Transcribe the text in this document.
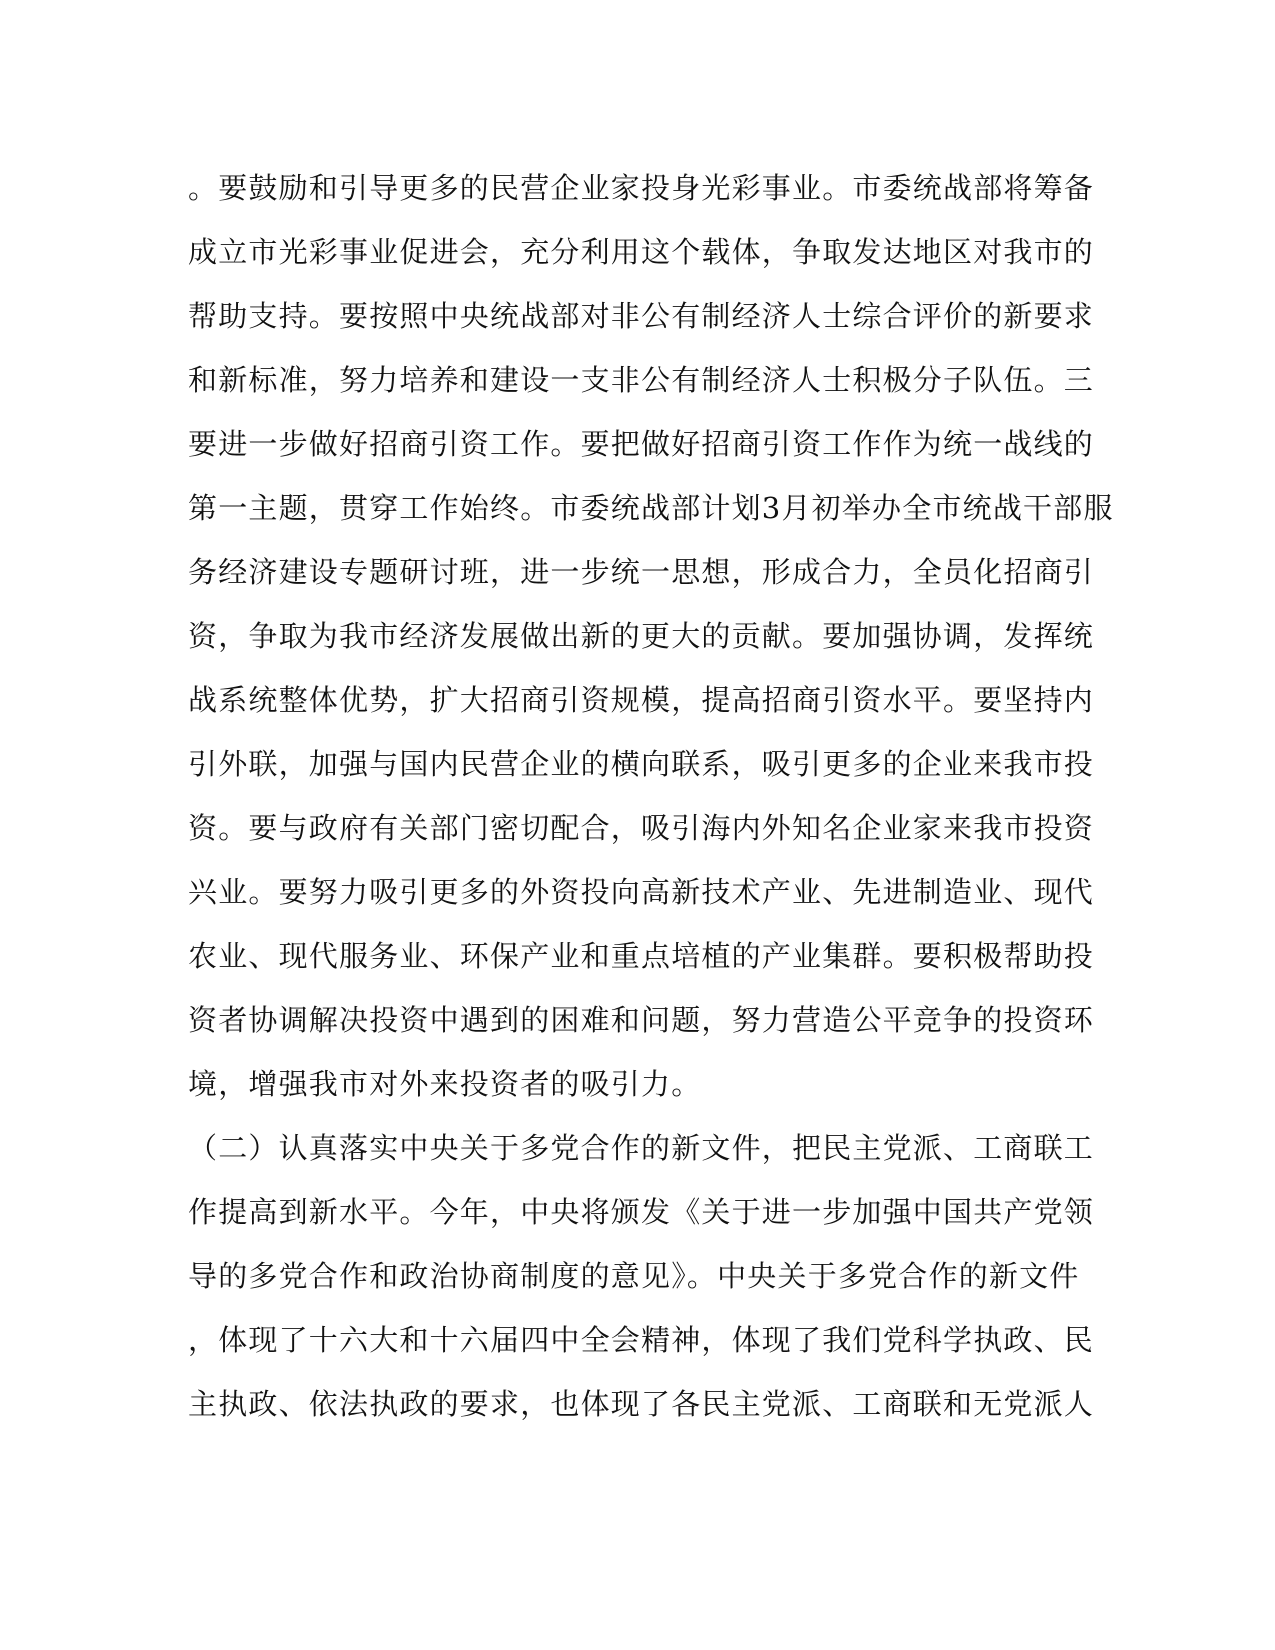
。要鼓励和引导更多的民营企业家投身光彩事业。市委统战部将筹备
成立市光彩事业促进会，充分利用这个载体，争取发达地区对我市的
帮助支持。要按照中央统战部对非公有制经济人士综合评价的新要求
和新标准，努力培养和建设一支非公有制经济人士积极分子队伍。三
要进一步做好招商引资工作。要把做好招商引资工作作为统一战线的
第一主题，贯穿工作始终。市委统战部计划3月初举办全市统战干部服
务经济建设专题研讨班，进一步统一思想，形成合力，全员化招商引
资，争取为我市经济发展做出新的更大的贡献。要加强协调，发挥统
战系统整体优势，扩大招商引资规模，提高招商引资水平。要坚持内
引外联，加强与国内民营企业的横向联系，吸引更多的企业来我市投
资。要与政府有关部门密切配合，吸引海内外知名企业家来我市投资
兴业。要努力吸引更多的外资投向高新技术产业、先进制造业、现代
农业、现代服务业、环保产业和重点培植的产业集群。要积极帮助投
资者协调解决投资中遇到的困难和问题，努力营造公平竞争的投资环
境，增强我市对外来投资者的吸引力。
（二）认真落实中央关于多党合作的新文件，把民主党派、工商联工
作提高到新水平。今年，中央将颁发《关于进一步加强中国共产党领
导的多党合作和政治协商制度的意见》。中央关于多党合作的新文件
，体现了十六大和十六届四中全会精神，体现了我们党科学执政、民
主执政、依法执政的要求，也体现了各民主党派、工商联和无党派人
